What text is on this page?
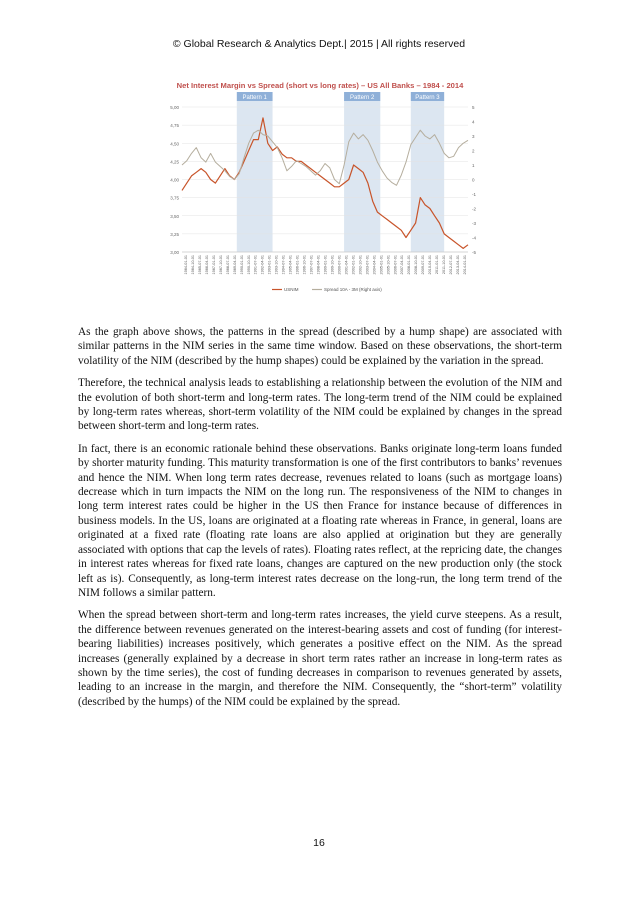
© Global Research & Analytics Dept.| 2015 | All rights reserved
Net Interest Margin vs Spread (short vs long rates) – US All Banks – 1984 - 2014
Pattern 1	Pattern 2	Pattern 3
3,00
3,25
3,50
3,75
4,00
4,25
4,50
4,75
5,00
-5
-4
-3
-2
-1
0
1
2
3
4
5
1984-01-01 1984-10-01 1985-07-01 1986-04-01 1987-01-01 1987-10-01 1988-07-01 1989-04-01 1990-01-01 1990-10-01 1991-07-01 1992-04-01 1993-01-01 1993-10-01 1994-07-01 1995-04-01 1996-01-01 1996-10-01 1997-07-01 1998-04-01 1999-01-01 1999-10-01 2000-07-01 2001-04-01 2002-01-01 2002-10-01 2003-07-01 2004-04-01 2005-01-01 2005-10-01 2006-07-01 2007-04-01 2008-01-01 2008-10-01 2009-07-01 2010-04-01 2011-01-01 2011-10-01 2012-07-01 2013-04-01 2014-01-01
USNIM	Spread 10A - 3M (Right axis)

As the graph above shows, the patterns in the spread (described by a hump shape) are associated with similar patterns in the NIM series in the same time window. Based on these observations, the short-term volatility of the NIM (described by the hump shapes) could be explained by the variation in the spread.

Therefore, the technical analysis leads to establishing a relationship between the evolution of the NIM and the evolution of both short-term and long-term rates. The long-term trend of the NIM could be explained by long-term rates whereas, short-term volatility of the NIM could be explained by changes in the spread between short-term and long-term rates.

In fact, there is an economic rationale behind these observations. Banks originate long-term loans funded by shorter maturity funding. This maturity transformation is one of the first contributors to banks’ revenues and hence the NIM. When long term rates decrease, revenues related to loans (such as mortgage loans) decrease which in turn impacts the NIM on the long run. The responsiveness of the NIM to changes in long term interest rates could be higher in the US then France for instance because of differences in business models. In the US, loans are originated at a floating rate whereas in France, in general, loans are originated at a fixed rate (floating rate loans are also applied at origination but they are generally associated with options that cap the levels of rates). Floating rates reflect, at the repricing date, the changes in interest rates whereas for fixed rate loans, changes are captured on the new production only (the stock left as is). Consequently, as long-term interest rates decrease on the long-run, the long term trend of the NIM follows a similar pattern.

When the spread between short-term and long-term rates increases, the yield curve steepens. As a result, the difference between revenues generated on the interest-bearing assets and cost of funding (for interest-bearing liabilities) increases positively, which generates a positive effect on the NIM. As the spread increases (generally explained by a decrease in short term rates rather an increase in long-term rates as shown by the time series), the cost of funding decreases in comparison to revenues generated by assets, leading to an increase in the margin, and therefore the NIM. Consequently, the “short-term” volatility (described by the humps) of the NIM could be explained by the spread.

16
